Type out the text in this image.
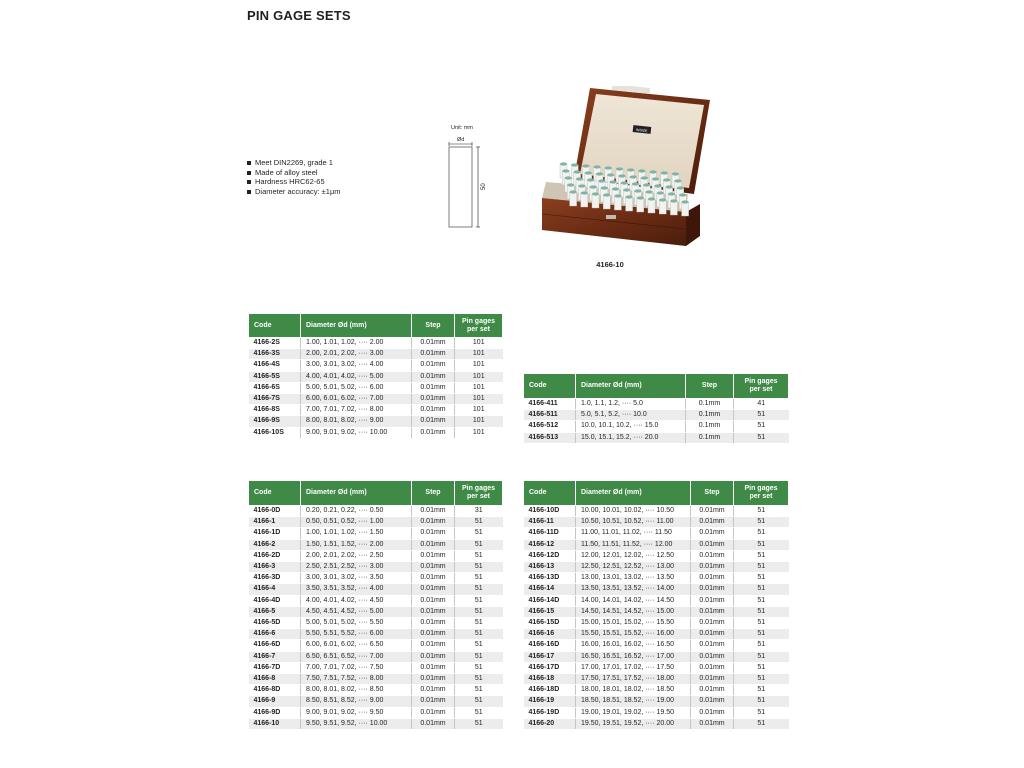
PIN GAGE SETS
Meet DIN2269, grade 1
Made of alloy steel
Hardness HRC62-65
Diameter accuracy: ±1μm
Unit: mm
Ød
50
INSIZE
4166-10
Code	Diameter Ød (mm)	Step	Pin gages
per set
4166-2S	1.00, 1.01, 1.02, ···· 2.00	0.01mm	101
4166-3S	2.00, 2.01, 2.02, ···· 3.00	0.01mm	101
4166-4S	3.00, 3.01, 3.02, ···· 4.00	0.01mm	101
4166-5S	4.00, 4.01, 4.02, ···· 5.00	0.01mm	101
4166-6S	5.00, 5.01, 5.02, ···· 6.00	0.01mm	101
4166-7S	6.00, 6.01, 6.02, ···· 7.00	0.01mm	101
4166-8S	7.00, 7.01, 7.02, ···· 8.00	0.01mm	101
4166-9S	8.00, 8.01, 8.02, ···· 9.00	0.01mm	101
4166-10S	9.00, 9.01, 9.02, ···· 10.00	0.01mm	101
Code	Diameter Ød (mm)	Step	Pin gages
per set
4166-411	1.0, 1.1, 1.2, ···· 5.0	0.1mm	41
4166-511	5.0, 5.1, 5.2, ···· 10.0	0.1mm	51
4166-512	10.0, 10.1, 10.2, ···· 15.0	0.1mm	51
4166-513	15.0, 15.1, 15.2, ···· 20.0	0.1mm	51
Code	Diameter Ød (mm)	Step	Pin gages
per set
4166-0D	0.20, 0.21, 0.22, ···· 0.50	0.01mm	31
4166-1	0.50, 0.51, 0.52, ···· 1.00	0.01mm	51
4166-1D	1.00, 1.01, 1.02, ···· 1.50	0.01mm	51
4166-2	1.50, 1.51, 1.52, ···· 2.00	0.01mm	51
4166-2D	2.00, 2.01, 2.02, ···· 2.50	0.01mm	51
4166-3	2.50, 2.51, 2.52, ···· 3.00	0.01mm	51
4166-3D	3.00, 3.01, 3.02, ···· 3.50	0.01mm	51
4166-4	3.50, 3.51, 3.52, ···· 4.00	0.01mm	51
4166-4D	4.00, 4.01, 4.02, ···· 4.50	0.01mm	51
4166-5	4.50, 4.51, 4.52, ···· 5.00	0.01mm	51
4166-5D	5.00, 5.01, 5.02, ···· 5.50	0.01mm	51
4166-6	5.50, 5.51, 5.52, ···· 6.00	0.01mm	51
4166-6D	6.00, 6.01, 6.02, ···· 6.50	0.01mm	51
4166-7	6.50, 6.51, 6.52, ···· 7.00	0.01mm	51
4166-7D	7.00, 7.01, 7.02, ···· 7.50	0.01mm	51
4166-8	7.50, 7.51, 7.52, ···· 8.00	0.01mm	51
4166-8D	8.00, 8.01, 8.02, ···· 8.50	0.01mm	51
4166-9	8.50, 8.51, 8.52, ···· 9.00	0.01mm	51
4166-9D	9.00, 9.01, 9.02, ···· 9.50	0.01mm	51
4166-10	9.50, 9.51, 9.52, ···· 10.00	0.01mm	51
Code	Diameter Ød (mm)	Step	Pin gages
per set
4166-10D	10.00, 10.01, 10.02, ···· 10.50	0.01mm	51
4166-11	10.50, 10.51, 10.52, ···· 11.00	0.01mm	51
4166-11D	11.00, 11.01, 11.02, ···· 11.50	0.01mm	51
4166-12	11.50, 11.51, 11.52, ···· 12.00	0.01mm	51
4166-12D	12.00, 12.01, 12.02, ···· 12.50	0.01mm	51
4166-13	12.50, 12.51, 12.52, ···· 13.00	0.01mm	51
4166-13D	13.00, 13.01, 13.02, ···· 13.50	0.01mm	51
4166-14	13.50, 13.51, 13.52, ···· 14.00	0.01mm	51
4166-14D	14.00, 14.01, 14.02, ···· 14.50	0.01mm	51
4166-15	14.50, 14.51, 14.52, ···· 15.00	0.01mm	51
4166-15D	15.00, 15.01, 15.02, ···· 15.50	0.01mm	51
4166-16	15.50, 15.51, 15.52, ···· 16.00	0.01mm	51
4166-16D	16.00, 16.01, 16.02, ···· 16.50	0.01mm	51
4166-17	16.50, 16.51, 16.52, ···· 17.00	0.01mm	51
4166-17D	17.00, 17.01, 17.02, ···· 17.50	0.01mm	51
4166-18	17.50, 17.51, 17.52, ···· 18.00	0.01mm	51
4166-18D	18.00, 18.01, 18.02, ···· 18.50	0.01mm	51
4166-19	18.50, 18.51, 18.52, ···· 19.00	0.01mm	51
4166-19D	19.00, 19.01, 19.02, ···· 19.50	0.01mm	51
4166-20	19.50, 19.51, 19.52, ···· 20.00	0.01mm	51
